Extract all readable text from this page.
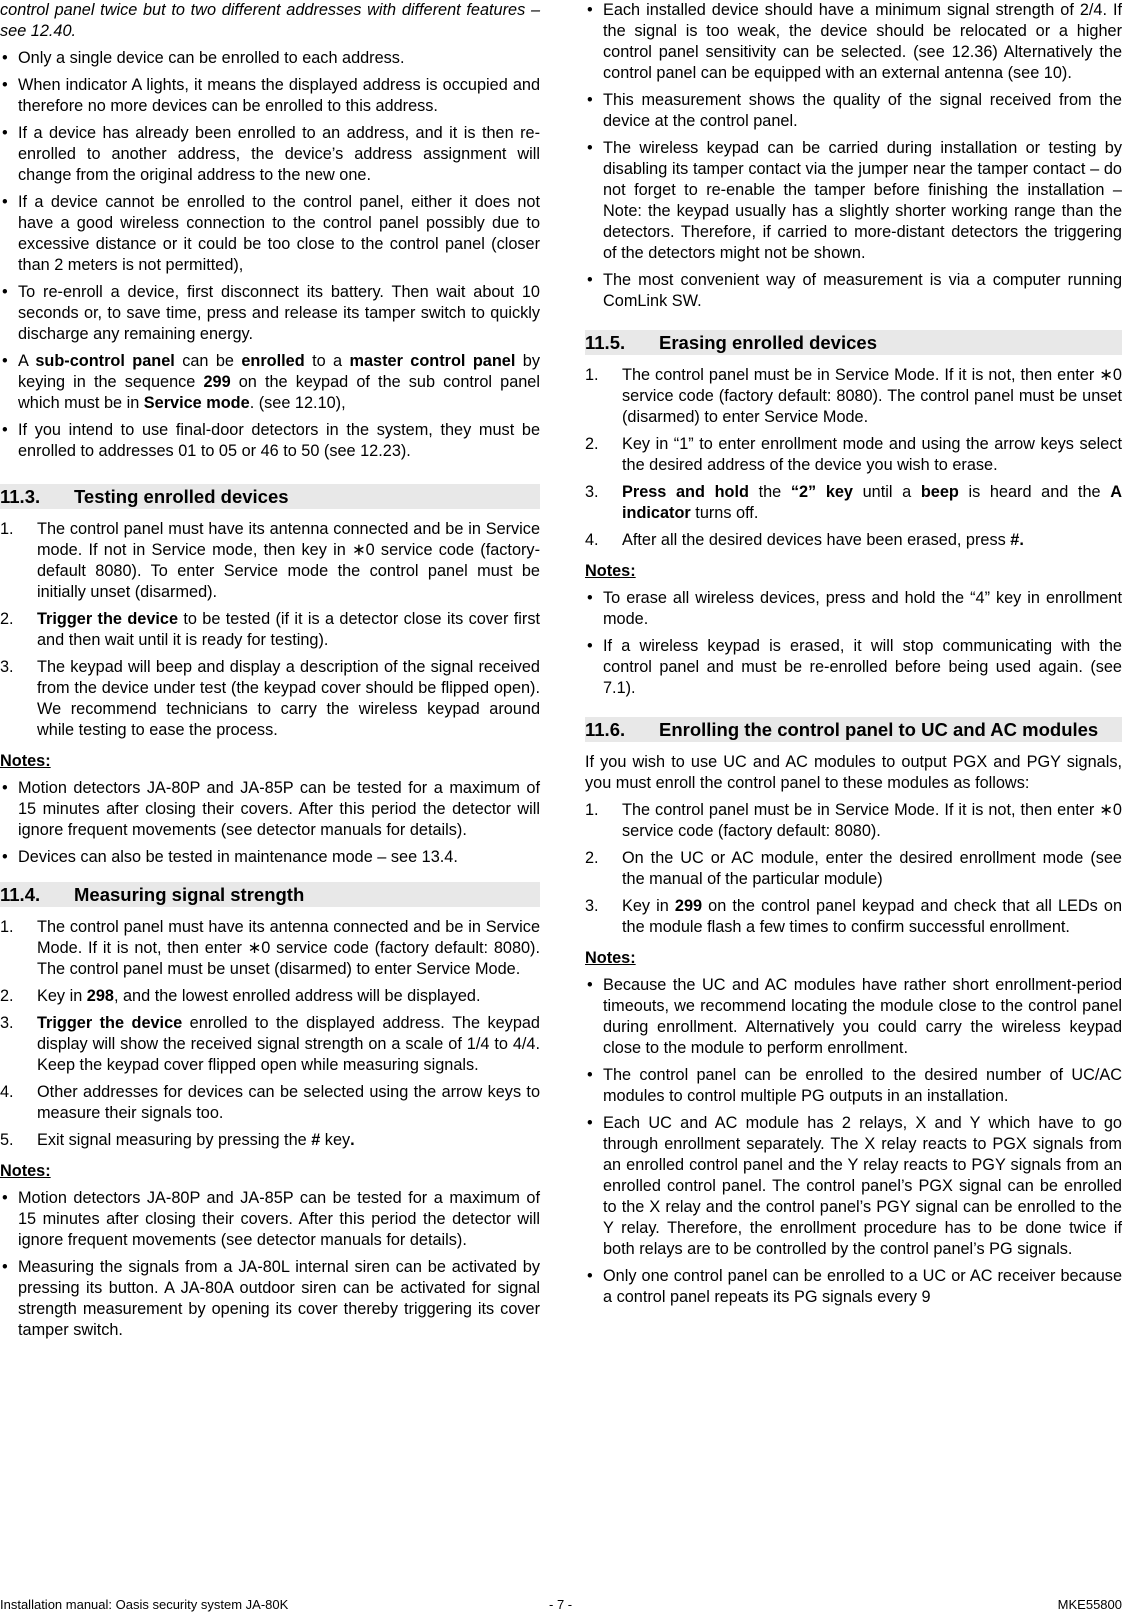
control panel twice but to two different addresses with different features –see 12.40.

• Only a single device can be enrolled to each address.
• When indicator A lights, it means the displayed address is occupied and therefore no more devices can be enrolled to this address.
• If a device has already been enrolled to an address, and it is then re-enrolled to another address, the device’s address assignment will change from the original address to the new one.
• If a device cannot be enrolled to the control panel, either it does not have a good wireless connection to the control panel possibly due to excessive distance or it could be too close to the control panel (closer than 2 meters is not permitted),
• To re-enroll a device, first disconnect its battery. Then wait about 10 seconds or, to save time, press and release its tamper switch to quickly discharge any remaining energy.
• A sub-control panel can be enrolled to a master control panel by keying in the sequence 299 on the keypad of the sub control panel which must be in Service mode. (see 12.10),
• If you intend to use final-door detectors in the system, they must be enrolled to addresses 01 to 05 or 46 to 50 (see 12.23).
11.3.	Testing enrolled devices
1. The control panel must have its antenna connected and be in Service mode. If not in Service mode, then key in ∗0 service code (factory-default 8080). To enter Service mode the control panel must be initially unset (disarmed).
2. Trigger the device to be tested (if it is a detector close its cover first and then wait until it is ready for testing).
3. The keypad will beep and display a description of the signal received from the device under test (the keypad cover should be flipped open). We recommend technicians to carry the wireless keypad around while testing to ease the process.
Notes:
• Motion detectors JA-80P and JA-85P can be tested for a maximum of 15 minutes after closing their covers. After this period the detector will ignore frequent movements (see detector manuals for details).
• Devices can also be tested in maintenance mode – see 13.4.
11.4.	Measuring signal strength
1. The control panel must have its antenna connected and be in Service Mode. If it is not, then enter ∗0 service code (factory default: 8080). The control panel must be unset (disarmed) to enter Service Mode.
2. Key in 298, and the lowest enrolled address will be displayed.
3. Trigger the device enrolled to the displayed address. The keypad display will show the received signal strength on a scale of 1/4 to 4/4. Keep the keypad cover flipped open while measuring signals.
4. Other addresses for devices can be selected using the arrow keys to measure their signals too.
5. Exit signal measuring by pressing the # key.
Notes:
• Motion detectors JA-80P and JA-85P can be tested for a maximum of 15 minutes after closing their covers. After this period the detector will ignore frequent movements (see detector manuals for details).
• Measuring the signals from a JA-80L internal siren can be activated by pressing its button. A JA-80A outdoor siren can be activated for signal strength measurement by opening its cover thereby triggering its cover tamper switch.
• Each installed device should have a minimum signal strength of 2/4. If the signal is too weak, the device should be relocated or a higher control panel sensitivity can be selected. (see 12.36) Alternatively the control panel can be equipped with an external antenna (see 10).
• This measurement shows the quality of the signal received from the device at the control panel.
• The wireless keypad can be carried during installation or testing by disabling its tamper contact via the jumper near the tamper contact – do not forget to re-enable the tamper before finishing the installation – Note: the keypad usually has a slightly shorter working range than the detectors. Therefore, if carried to more-distant detectors the triggering of the detectors might not be shown.
• The most convenient way of measurement is via a computer running ComLink SW.
11.5.	Erasing enrolled devices
1. The control panel must be in Service Mode. If it is not, then enter ∗0 service code (factory default: 8080). The control panel must be unset (disarmed) to enter Service Mode.
2. Key in “1” to enter enrollment mode and using the arrow keys select the desired address of the device you wish to erase.
3. Press and hold the “2” key until a beep is heard and the A indicator turns off.
4. After all the desired devices have been erased, press #.
Notes:
• To erase all wireless devices, press and hold the “4” key in enrollment mode.
• If a wireless keypad is erased, it will stop communicating with the control panel and must be re-enrolled before being used again. (see 7.1).
11.6. Enrolling the control panel to UC and AC modules

If you wish to use UC and AC modules to output PGX and PGY signals, you must enroll the control panel to these modules as follows:

1. The control panel must be in Service Mode. If it is not, then enter ∗0 service code (factory default: 8080).
2. On the UC or AC module, enter the desired enrollment mode (see the manual of the particular module)
3. Key in 299 on the control panel keypad and check that all LEDs on the module flash a few times to confirm successful enrollment.
Notes:
• Because the UC and AC modules have rather short enrollment-period timeouts, we recommend locating the module close to the control panel during enrollment. Alternatively you could carry the wireless keypad close to the module to perform enrollment.
• The control panel can be enrolled to the desired number of UC/AC modules to control multiple PG outputs in an installation.
• Each UC and AC module has 2 relays, X and Y which have to go through enrollment separately. The X relay reacts to PGX signals from an enrolled control panel and the Y relay reacts to PGY signals from an enrolled control panel. The control panel’s PGX signal can be enrolled to the X relay and the control panel’s PGY signal can be enrolled to the Y relay. Therefore, the enrollment procedure has to be done twice if both relays are to be controlled by the control panel’s PG signals.
• Only one control panel can be enrolled to a UC or AC receiver because a control panel repeats its PG signals every 9
Installation manual: Oasis security system JA-80K	- 7 -	MKE55800
